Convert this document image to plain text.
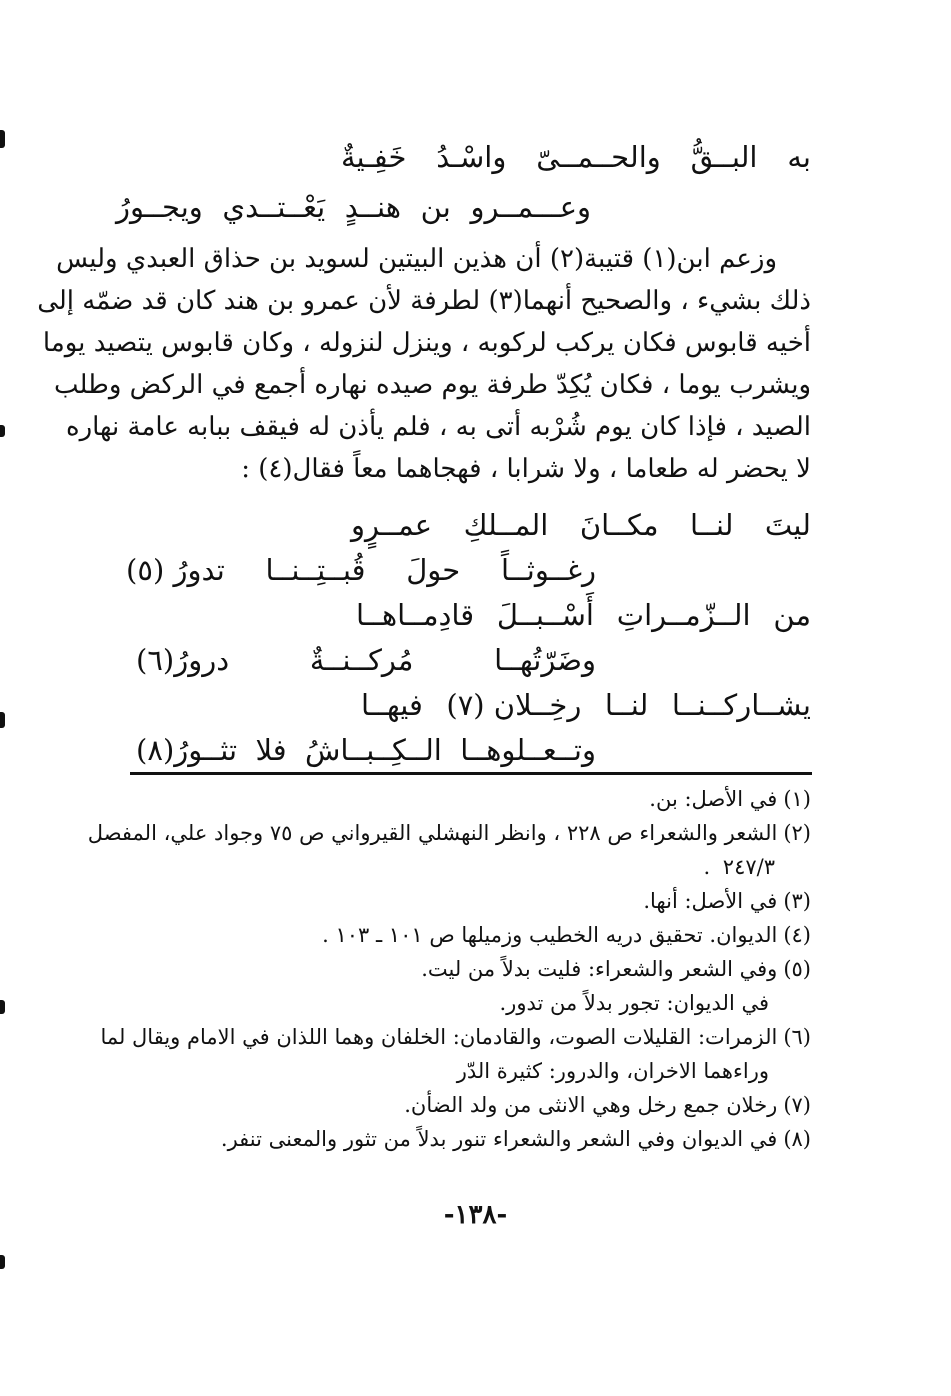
به
البــقُّ
والحــمــىّ
واسْـدُ
خَفِـيةٌ
وعـــمــرو
بن
هنــدٍ
يَعْــتــدي
ويجــورُ

وزعم ابن(١) قتيبة(٢) أن هذين البيتين لسويد بن حذاق العبدي وليس

ذلك بشيء ، والصحيح أنهما(٣) لطرفة لأن عمرو بن هند كان قد ضمّه إلى

أخيه قابوس فكان يركب لركوبه ، وينزل لنزوله ، وكان قابوس يتصيد يوما

ويشرب يوما ، فكان يُكِدّ طرفة يوم صيده نهاره أجمع في الركض وطلب

الصيد ، فإذا كان يوم شُرْبه أتى به ، فلم يأذن له فيقف ببابه عامة نهاره

لا يحضر له طعاما ، ولا شرابا ، فهجاهما معاً فقال(٤) :

ليتَ
لنــا
مكــانَ
المــلكِ
عمــرٍو
رغــوثــاً
حولَ
قُبــتِــنــا
تدورُ (٥)
من
الــزّمــراتِ
أَسْــبــلَ
قادِمــاهــا
وضَرّتُهــا
مُركــنــةٌ
درورُ(٦)
يشــاركــنــا
لنــا
رخِــلان (٧)
فيهــا
وتــعــلوهــا
الــكِــبــاشُ
فلا
تثــورُ(٨)

(١)في الأصل: بن.

(٢)الشعر والشعراء ص ٢٢٨ ، وانظر النهشلي القيرواني ص ٧٥ وجواد علي، المفصل

٢٤٧/٣ .

(٣)في الأصل: أنها.

(٤)الديوان. تحقيق دريه الخطيب وزميلها ص ١٠١ ـ ١٠٣ .

(٥)وفي الشعر والشعراء: فليت بدلاً من ليت.

في الديوان: تجور بدلاً من تدور.

(٦)الزمرات: القليلات الصوت، والقادمان: الخلفان وهما اللذان في الامام ويقال لما

وراءهما الاخران، والدرور: كثيرة الدّر

(٧)رخلان جمع رخل وهي الانثى من ولد الضأن.

(٨)في الديوان وفي الشعر والشعراء تنور بدلاً من تثور والمعنى تنفر.

-١٣٨-
